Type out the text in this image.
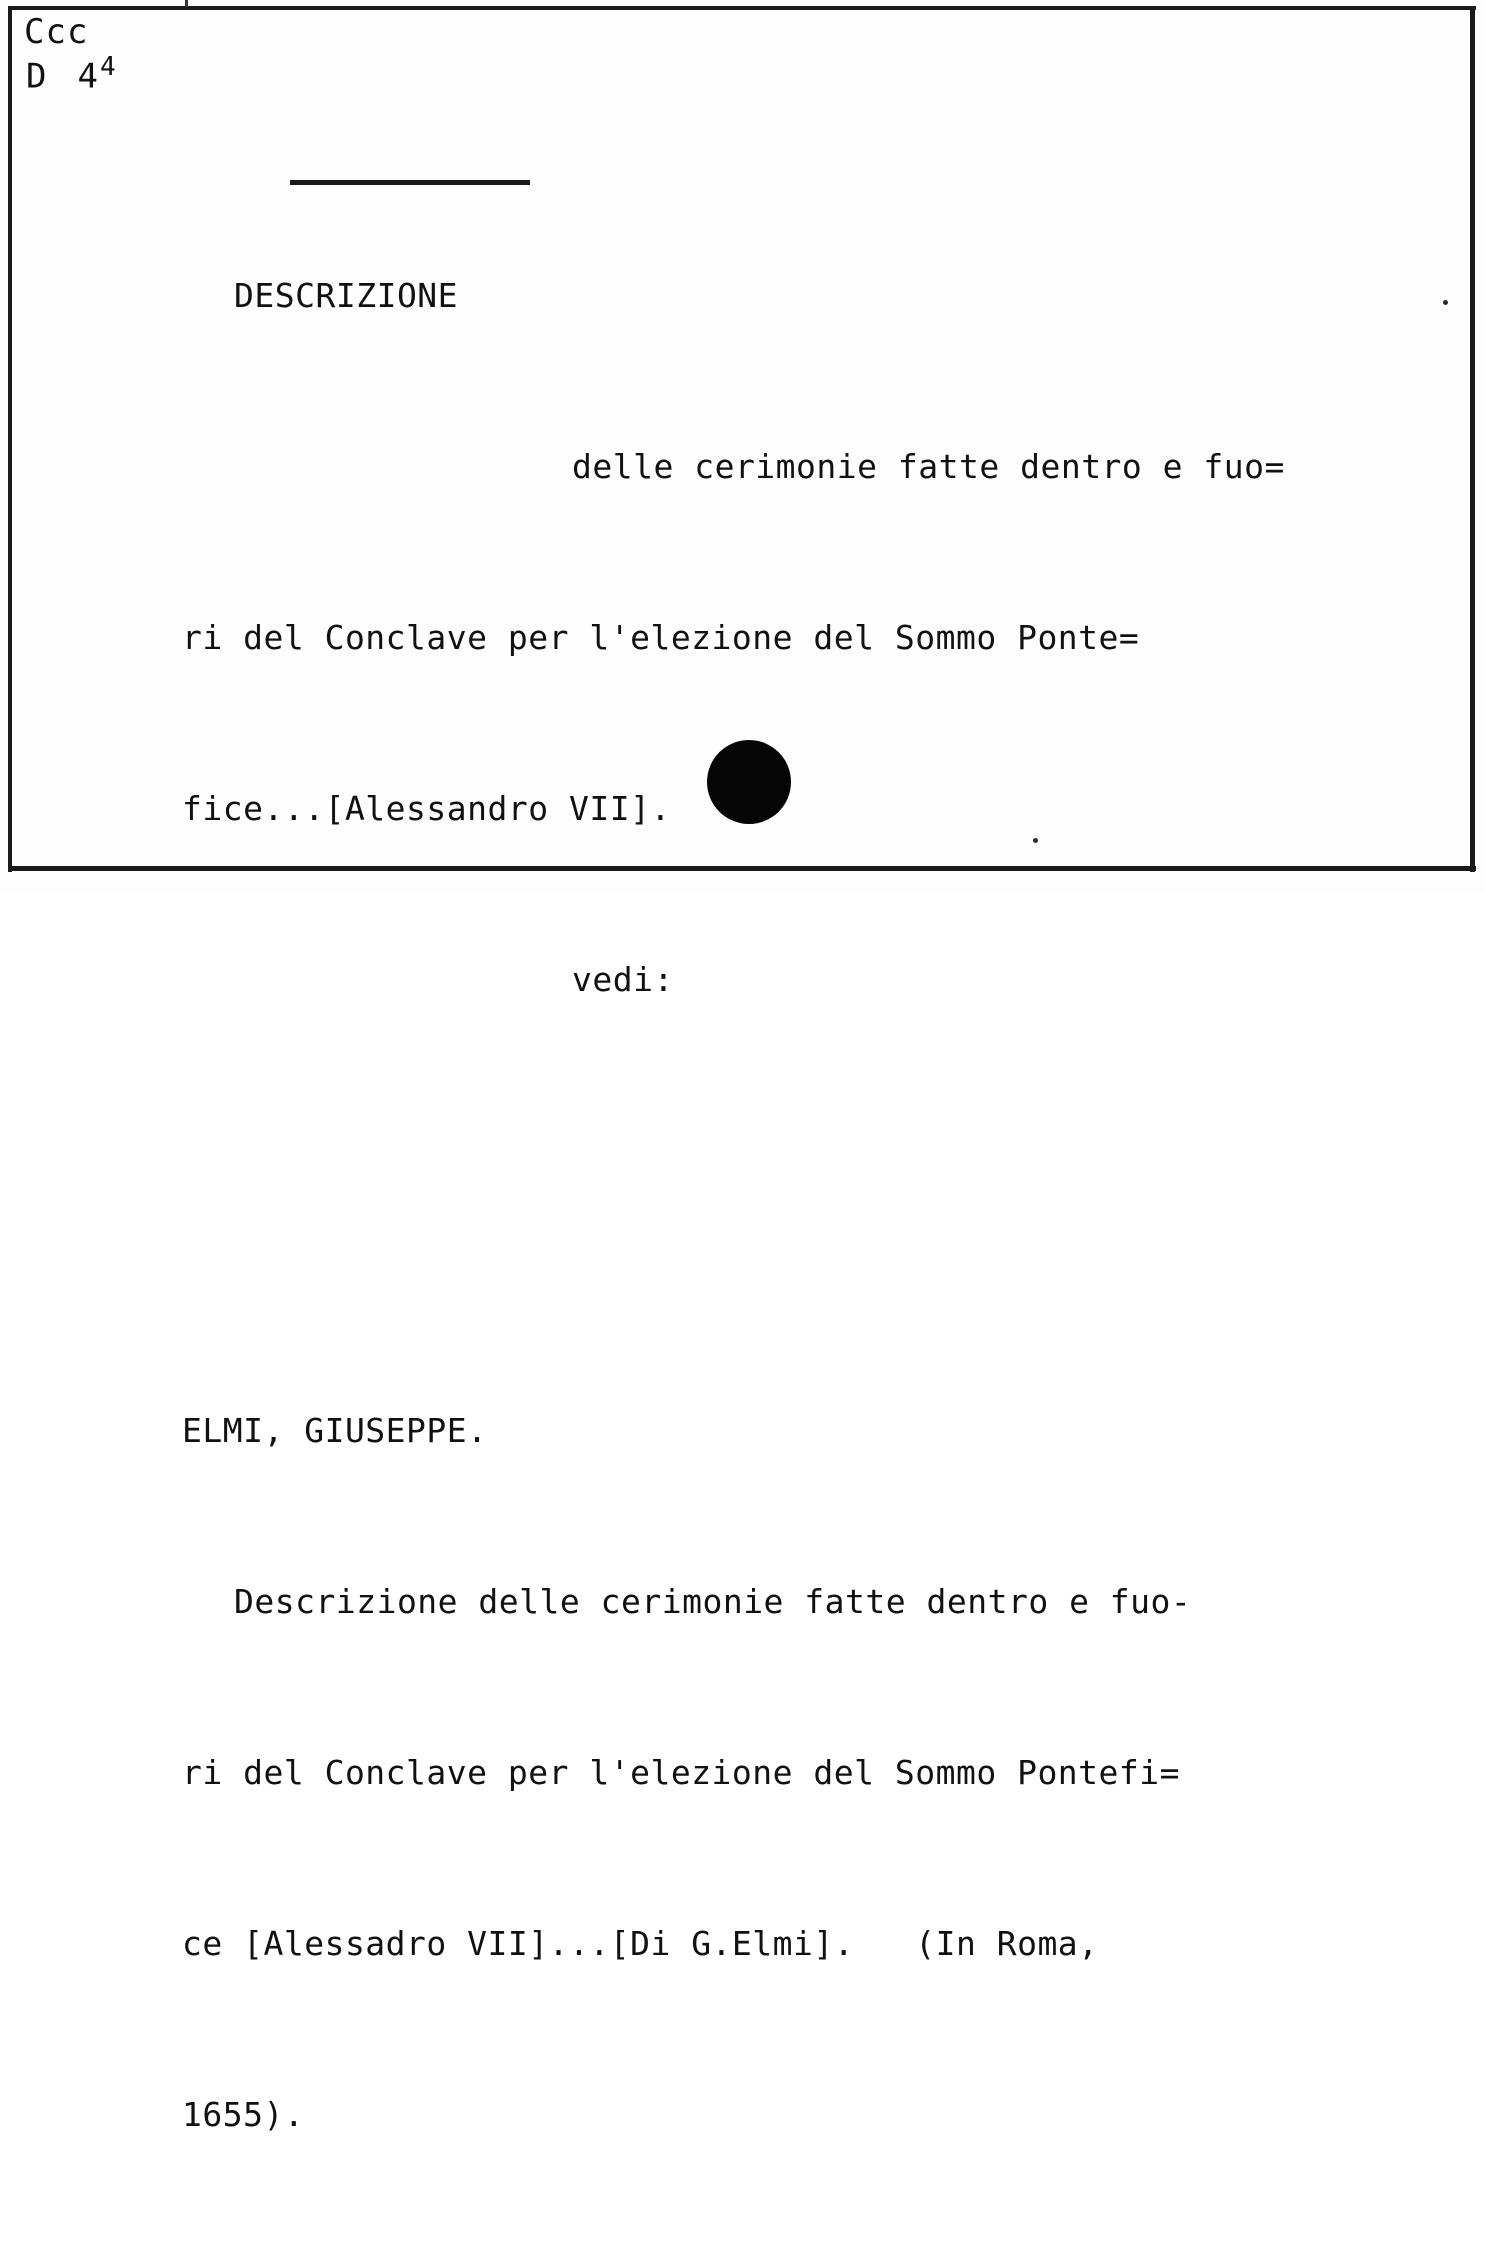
Ccc
D $4^4$

DESCRIZIONE

delle cerimonie fatte dentro e fuo=

ri del Conclave per l'elezione del Sommo Ponte=

fice...[Alessandro VII].

vedi:

ELMI, GIUSEPPE.

Descrizione delle cerimonie fatte dentro e fuo-

ri del Conclave per l'elezione del Sommo Pontefi=

ce [Alessadro VII]...[Di G.Elmi].   (In Roma,

1655).
